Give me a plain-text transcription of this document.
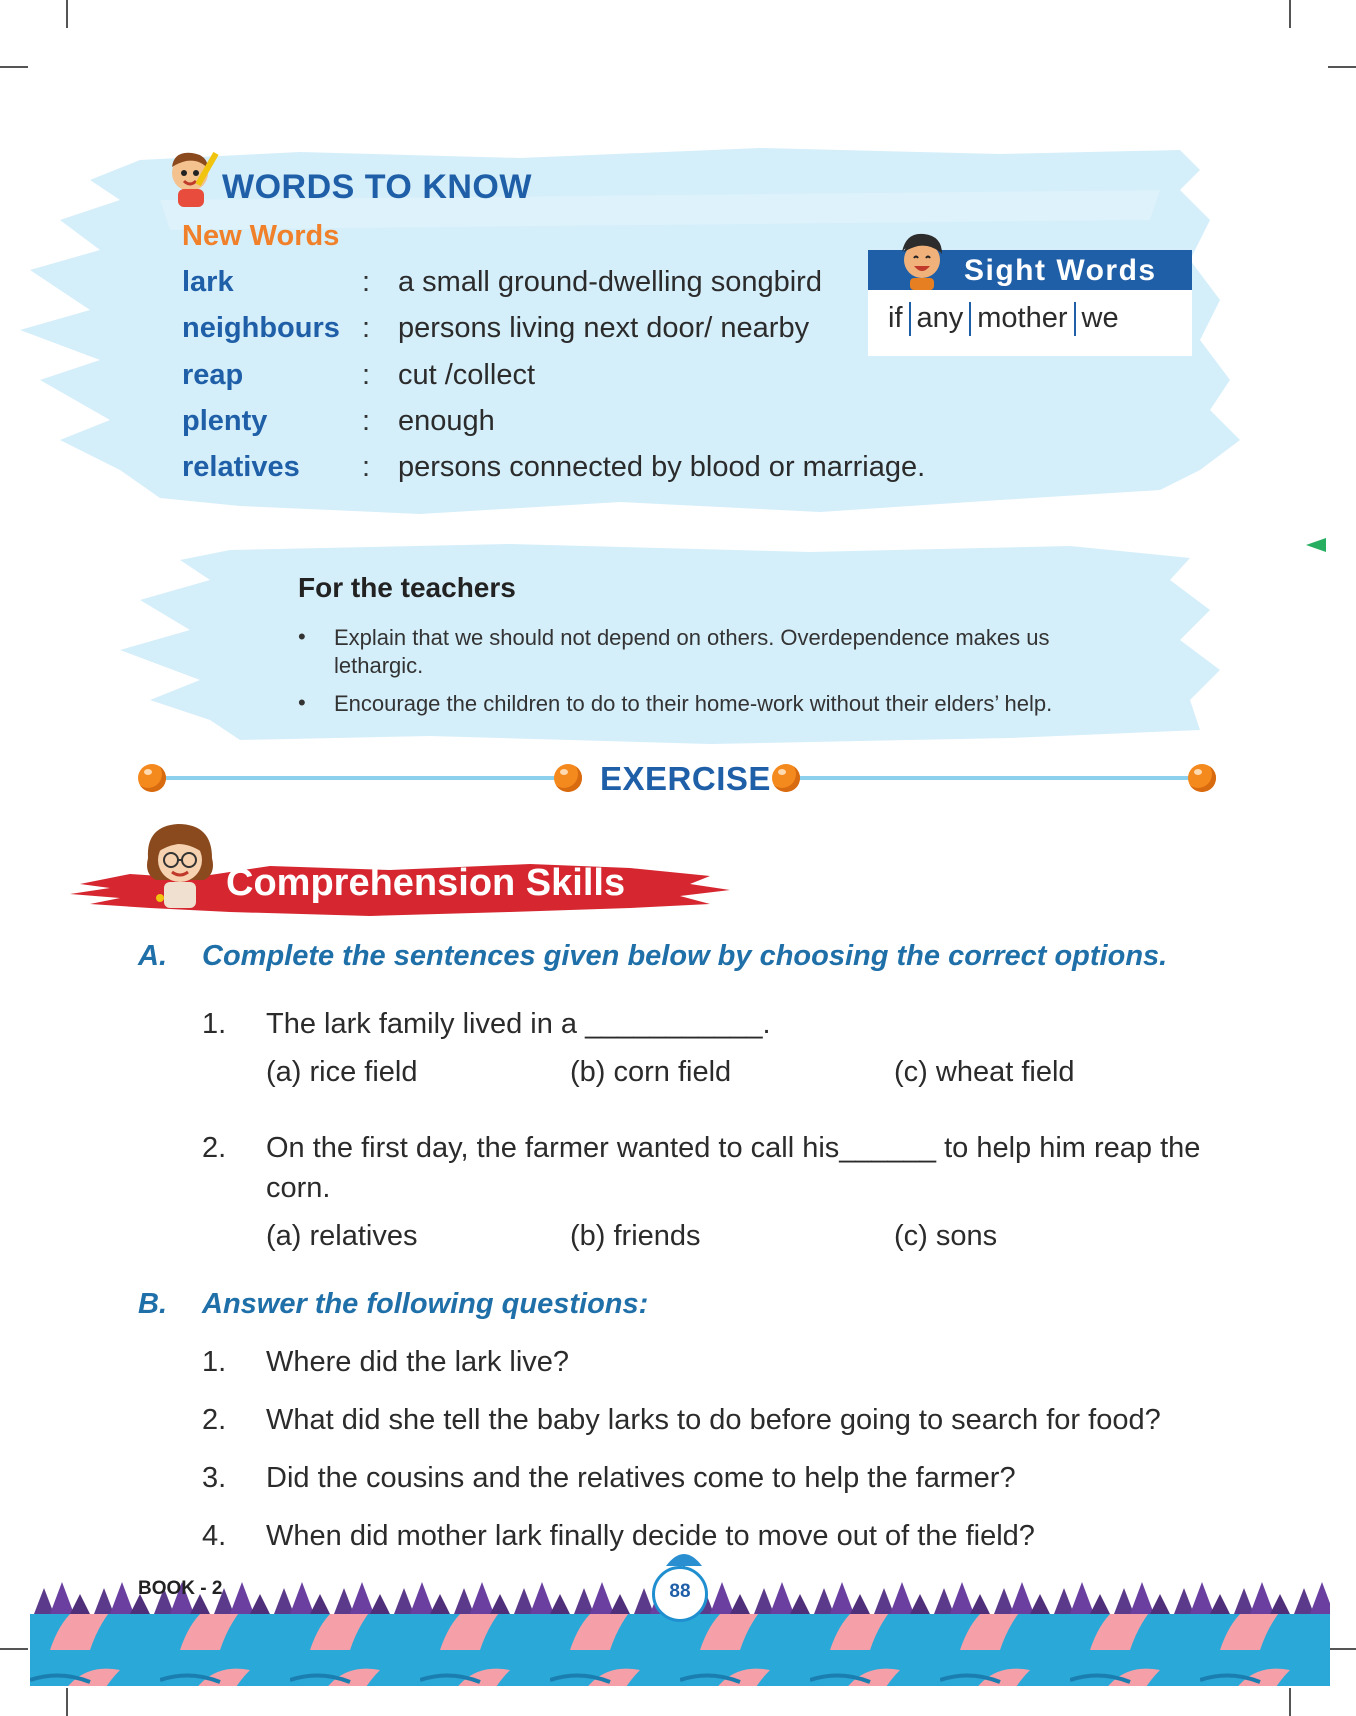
WORDS TO KNOW
New Words
lark	: a small ground-dwelling songbird
neighbours : persons living next door/ nearby
reap	: cut /collect
plenty	: enough
relatives : persons connected by blood or marriage.
Sight Words
if any mother we
For the teachers
• Explain that we should not depend on others. Overdependence makes us lethargic.
• Encourage the children to do to their home-work without their elders’ help.
EXERCISE
Comprehension Skills
A. Complete the sentences given below by choosing the correct options.
1. The lark family lived in a ___________.
(a) rice field	(b) corn field	(c) wheat field
2. On the first day, the farmer wanted to call his______ to help him reap the
corn.
(a) relatives	(b) friends	(c) sons
B. Answer the following questions:
1. Where did the lark live?
2. What did she tell the baby larks to do before going to search for food?
3. Did the cousins and the relatives come to help the farmer?
4. When did mother lark finally decide to move out of the field?
BOOK - 2	88
